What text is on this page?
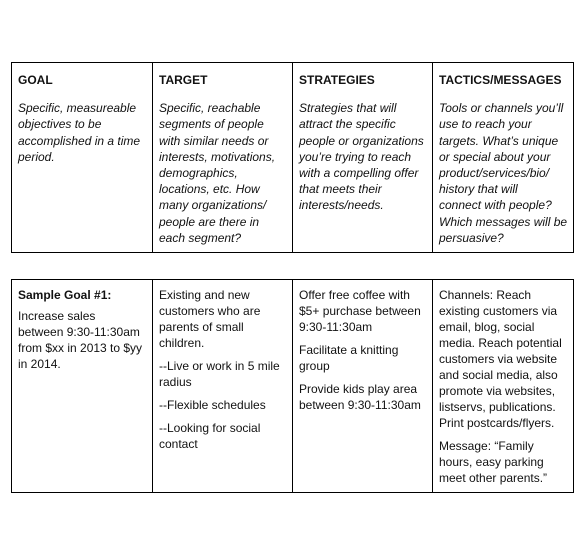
GOAL
Specific, measureable
objectives to be
accomplished in a time
period.
TARGET
Specific, reachable
segments of people
with similar needs or
interests, motivations,
demographics,
locations, etc. How
many organizations/
people are there in
each segment?
STRATEGIES
Strategies that will
attract the specific
people or organizations
you’re trying to reach
with a compelling offer
that meets their
interests/needs.
TACTICS/MESSAGES
Tools or channels you’ll
use to reach your
targets. What’s unique
or special about your
product/services/bio/
history that will
connect with people?
Which messages will be
persuasive?
Sample Goal #1:
Increase sales
between 9:30-11:30am
from $xx in 2013 to $yy
in 2014.
Existing and new
customers who are
parents of small
children.
--Live or work in 5 mile
radius
--Flexible schedules
--Looking for social
contact
Offer free coffee with
$5+ purchase between
9:30-11:30am
Facilitate a knitting
group
Provide kids play area
between 9:30-11:30am
Channels: Reach
existing customers via
email, blog, social
media. Reach potential
customers via website
and social media, also
promote via websites,
listservs, publications.
Print postcards/flyers.
Message: “Family
hours, easy parking
meet other parents.”
